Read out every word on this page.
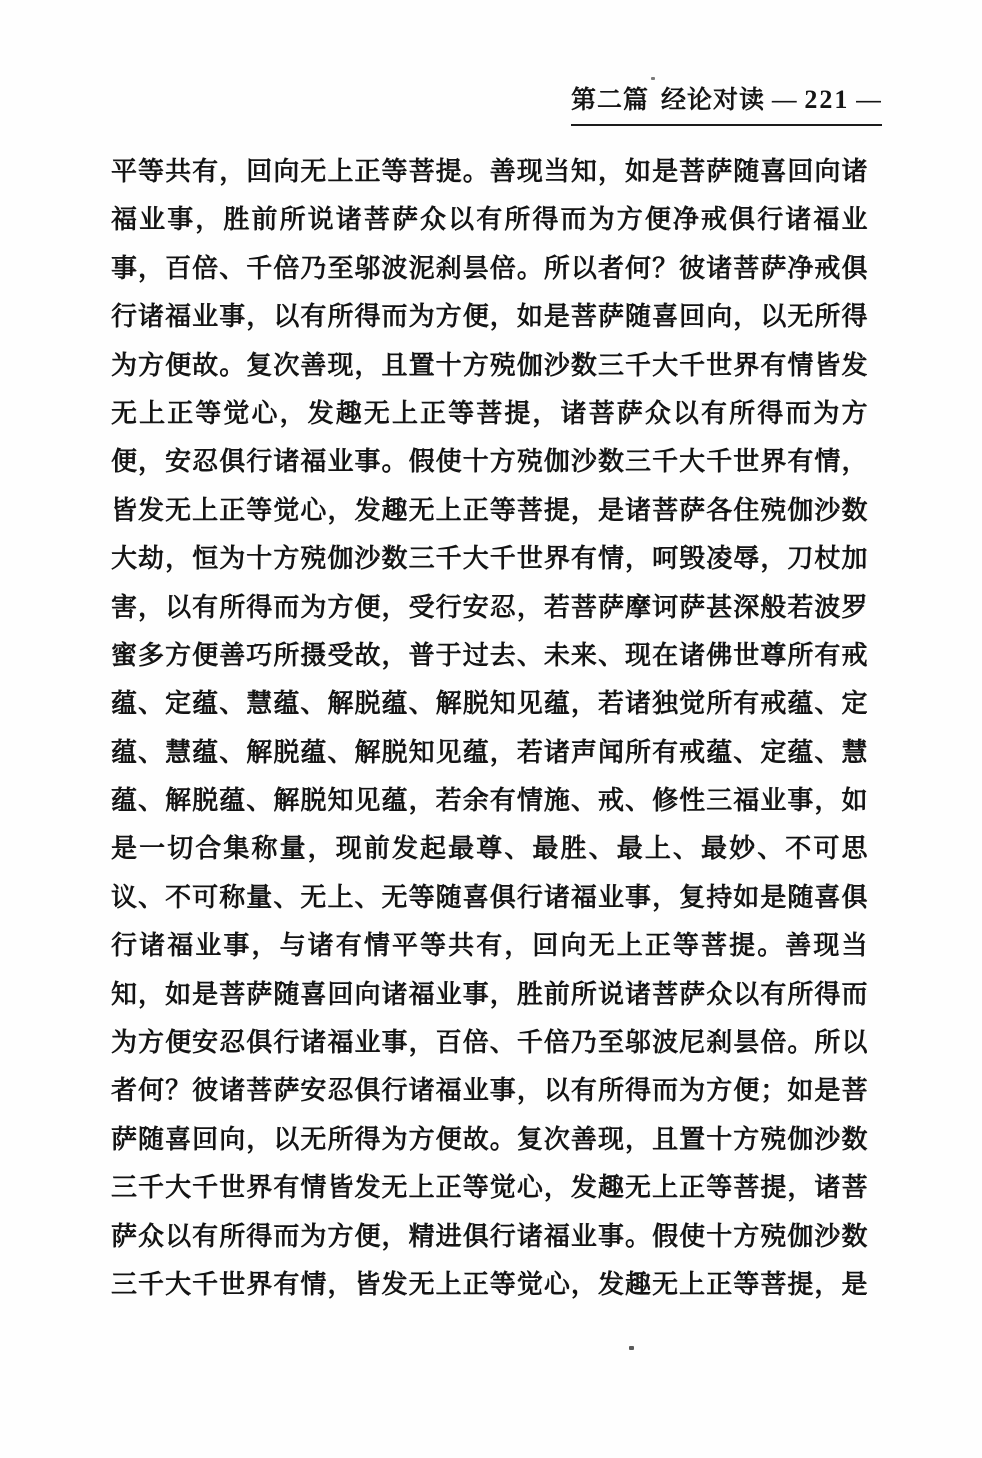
第二篇 经论对读 — 221 —
平等共有，回向无上正等菩提。善现当知，如是菩萨随喜回向诸
福业事，胜前所说诸菩萨众以有所得而为方便净戒俱行诸福业
事，百倍、千倍乃至邬波泥刹昙倍。所以者何？彼诸菩萨净戒俱
行诸福业事，以有所得而为方便，如是菩萨随喜回向，以无所得
为方便故。复次善现，且置十方殑伽沙数三千大千世界有情皆发
无上正等觉心，发趣无上正等菩提，诸菩萨众以有所得而为方
便，安忍俱行诸福业事。假使十方殑伽沙数三千大千世界有情，
皆发无上正等觉心，发趣无上正等菩提，是诸菩萨各住殑伽沙数
大劫，恒为十方殑伽沙数三千大千世界有情，呵毁凌辱，刀杖加
害，以有所得而为方便，受行安忍，若菩萨摩诃萨甚深般若波罗
蜜多方便善巧所摄受故，普于过去、未来、现在诸佛世尊所有戒
蕴、定蕴、慧蕴、解脱蕴、解脱知见蕴，若诸独觉所有戒蕴、定
蕴、慧蕴、解脱蕴、解脱知见蕴，若诸声闻所有戒蕴、定蕴、慧
蕴、解脱蕴、解脱知见蕴，若余有情施、戒、修性三福业事，如
是一切合集称量，现前发起最尊、最胜、最上、最妙、不可思
议、不可称量、无上、无等随喜俱行诸福业事，复持如是随喜俱
行诸福业事，与诸有情平等共有，回向无上正等菩提。善现当
知，如是菩萨随喜回向诸福业事，胜前所说诸菩萨众以有所得而
为方便安忍俱行诸福业事，百倍、千倍乃至邬波尼刹昙倍。所以
者何？彼诸菩萨安忍俱行诸福业事，以有所得而为方便；如是菩
萨随喜回向，以无所得为方便故。复次善现，且置十方殑伽沙数
三千大千世界有情皆发无上正等觉心，发趣无上正等菩提，诸菩
萨众以有所得而为方便，精进俱行诸福业事。假使十方殑伽沙数
三千大千世界有情，皆发无上正等觉心，发趣无上正等菩提，是
